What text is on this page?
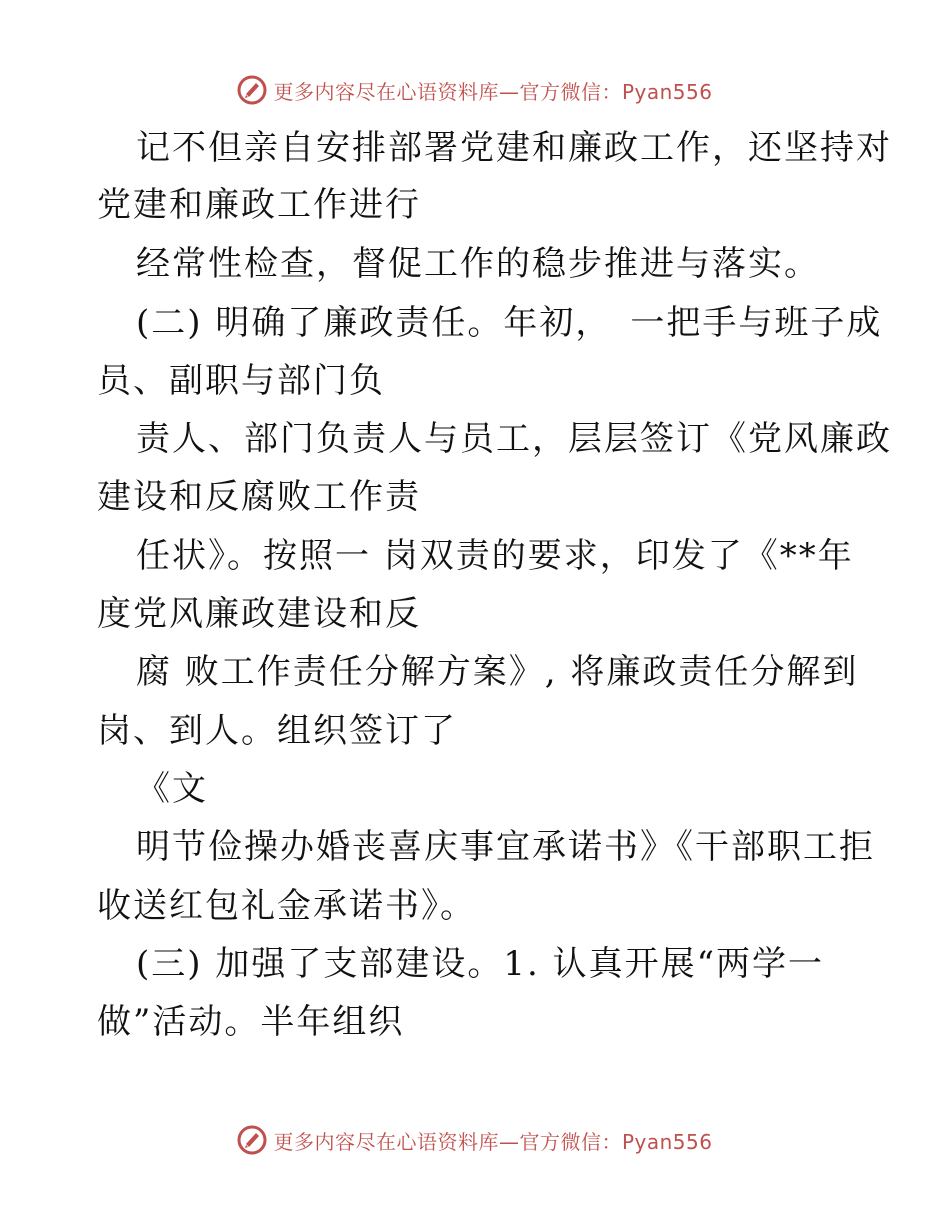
更多内容尽在心语资料库—官方微信：Pyan556
记不但亲自安排部署党建和廉政工作，还坚持对
党建和廉政工作进行
经常性检查，督促工作的稳步推进与落实。
(二) 明确了廉政责任。年初，　一把手与班子成
员、副职与部门负
责人、部门负责人与员工，层层签订《党风廉政
建设和反腐败工作责
任状》。按照一 岗双责的要求，印发了《**年
度党风廉政建设和反
腐 败工作责任分解方案》, 将廉政责任分解到
岗、到人。组织签订了
《文
明节俭操办婚丧喜庆事宜承诺书》《干部职工拒
收送红包礼金承诺书》。
(三) 加强了支部建设。1. 认真开展“两学一
做”活动。半年组织
更多内容尽在心语资料库—官方微信：Pyan556
